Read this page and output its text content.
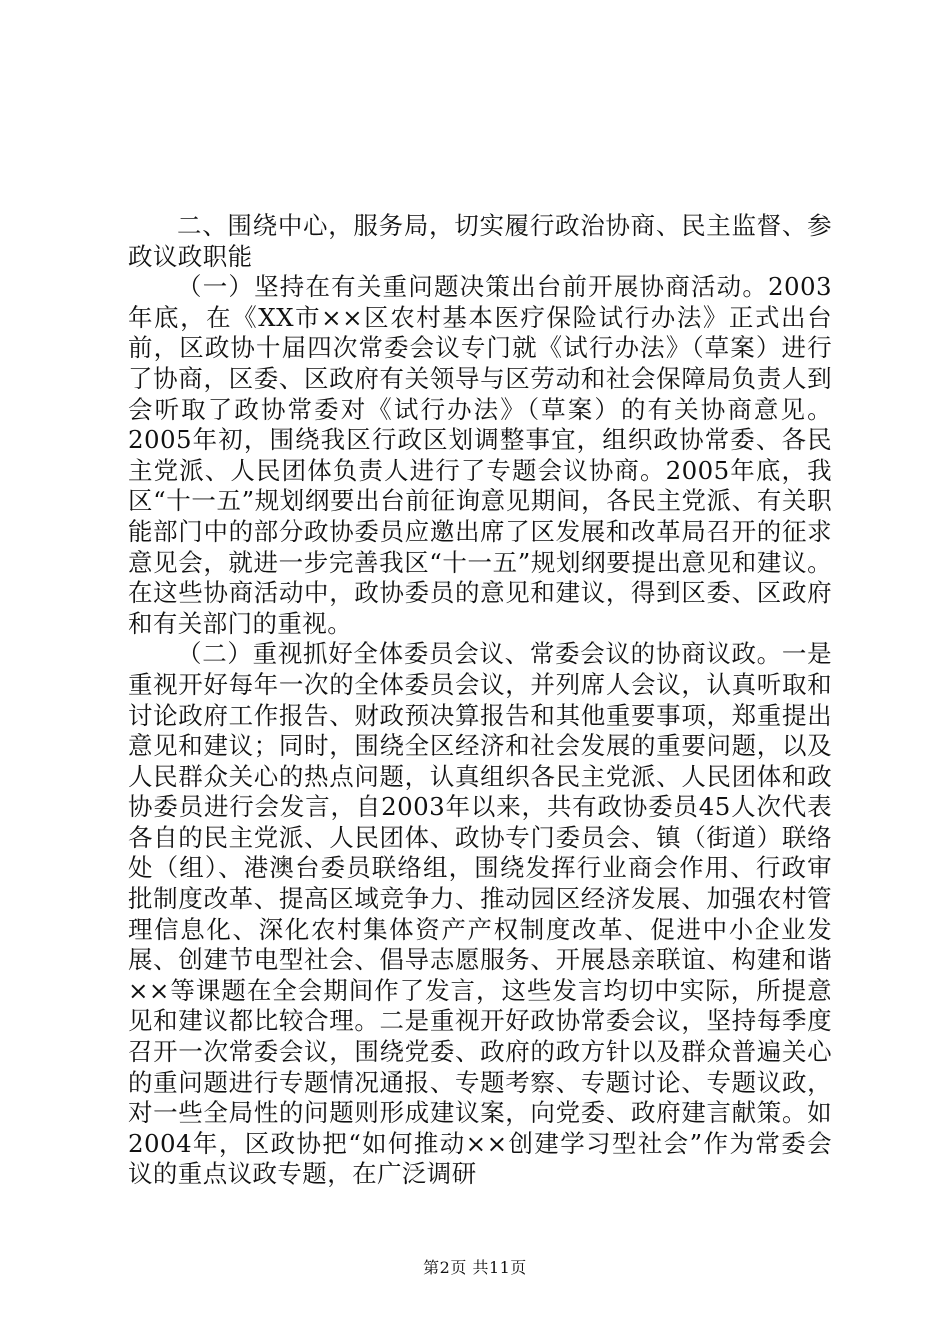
二、围绕中心，服务局，切实履行政治协商、民主监督、参政议政职能

（一）坚持在有关重问题决策出台前开展协商活动。2003年底，在《XX市××区农村基本医疗保险试行办法》正式出台前，区政协十届四次常委会议专门就《试行办法》（草案）进行了协商，区委、区政府有关领导与区劳动和社会保障局负责人到会听取了政协常委对《试行办法》（草案）的有关协商意见。2005年初，围绕我区行政区划调整事宜，组织政协常委、各民主党派、人民团体负责人进行了专题会议协商。2005年底，我区“十一五”规划纲要出台前征询意见期间，各民主党派、有关职能部门中的部分政协委员应邀出席了区发展和改革局召开的征求意见会，就进一步完善我区“十一五”规划纲要提出意见和建议。在这些协商活动中，政协委员的意见和建议，得到区委、区政府和有关部门的重视。

（二）重视抓好全体委员会议、常委会议的协商议政。一是重视开好每年一次的全体委员会议，并列席人会议，认真听取和讨论政府工作报告、财政预决算报告和其他重要事项，郑重提出意见和建议；同时，围绕全区经济和社会发展的重要问题，以及人民群众关心的热点问题，认真组织各民主党派、人民团体和政协委员进行会发言，自2003年以来，共有政协委员45人次代表各自的民主党派、人民团体、政协专门委员会、镇（街道）联络处（组）、港澳台委员联络组，围绕发挥行业商会作用、行政审批制度改革、提高区域竞争力、推动园区经济发展、加强农村管理信息化、深化农村集体资产产权制度改革、促进中小企业发展、创建节电型社会、倡导志愿服务、开展恳亲联谊、构建和谐××等课题在全会期间作了发言，这些发言均切中实际，所提意见和建议都比较合理。二是重视开好政协常委会议，坚持每季度召开一次常委会议，围绕党委、政府的政方针以及群众普遍关心的重问题进行专题情况通报、专题考察、专题讨论、专题议政，对一些全局性的问题则形成建议案，向党委、政府建言献策。如2004年，区政协把“如何推动××创建学习型社会”作为常委会议的重点议政专题，在广泛调研

第2页 共11页
